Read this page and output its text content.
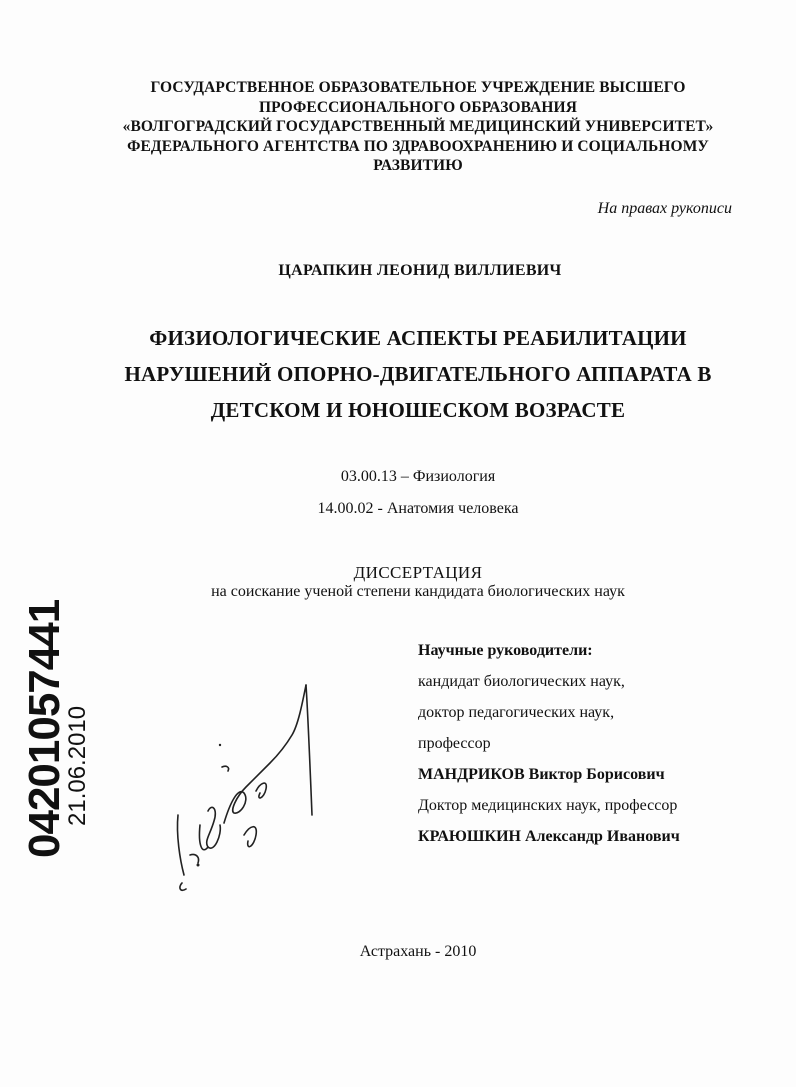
ГОСУДАРСТВЕННОЕ ОБРАЗОВАТЕЛЬНОЕ УЧРЕЖДЕНИЕ ВЫСШЕГО
ПРОФЕССИОНАЛЬНОГО ОБРАЗОВАНИЯ
«ВОЛГОГРАДСКИЙ ГОСУДАРСТВЕННЫЙ МЕДИЦИНСКИЙ УНИВЕРСИТЕТ»
ФЕДЕРАЛЬНОГО АГЕНТСТВА ПО ЗДРАВООХРАНЕНИЮ И СОЦИАЛЬНОМУ
РАЗВИТИЮ
На правах рукописи
ЦАРАПКИН ЛЕОНИД ВИЛЛИЕВИЧ
ФИЗИОЛОГИЧЕСКИЕ АСПЕКТЫ РЕАБИЛИТАЦИИ
НАРУШЕНИЙ ОПОРНО-ДВИГАТЕЛЬНОГО АППАРАТА В
ДЕТСКОМ И ЮНОШЕСКОМ ВОЗРАСТЕ
03.00.13 – Физиология
14.00.02 - Анатомия человека
ДИССЕРТАЦИЯ
на соискание ученой степени кандидата биологических наук
Научные руководители:
кандидат биологических наук,
доктор педагогических наук,
профессор
МАНДРИКОВ Виктор Борисович
Доктор медицинских наук, профессор
КРАЮШКИН Александр Иванович
Астрахань - 2010
04201057441
21.06.2010
